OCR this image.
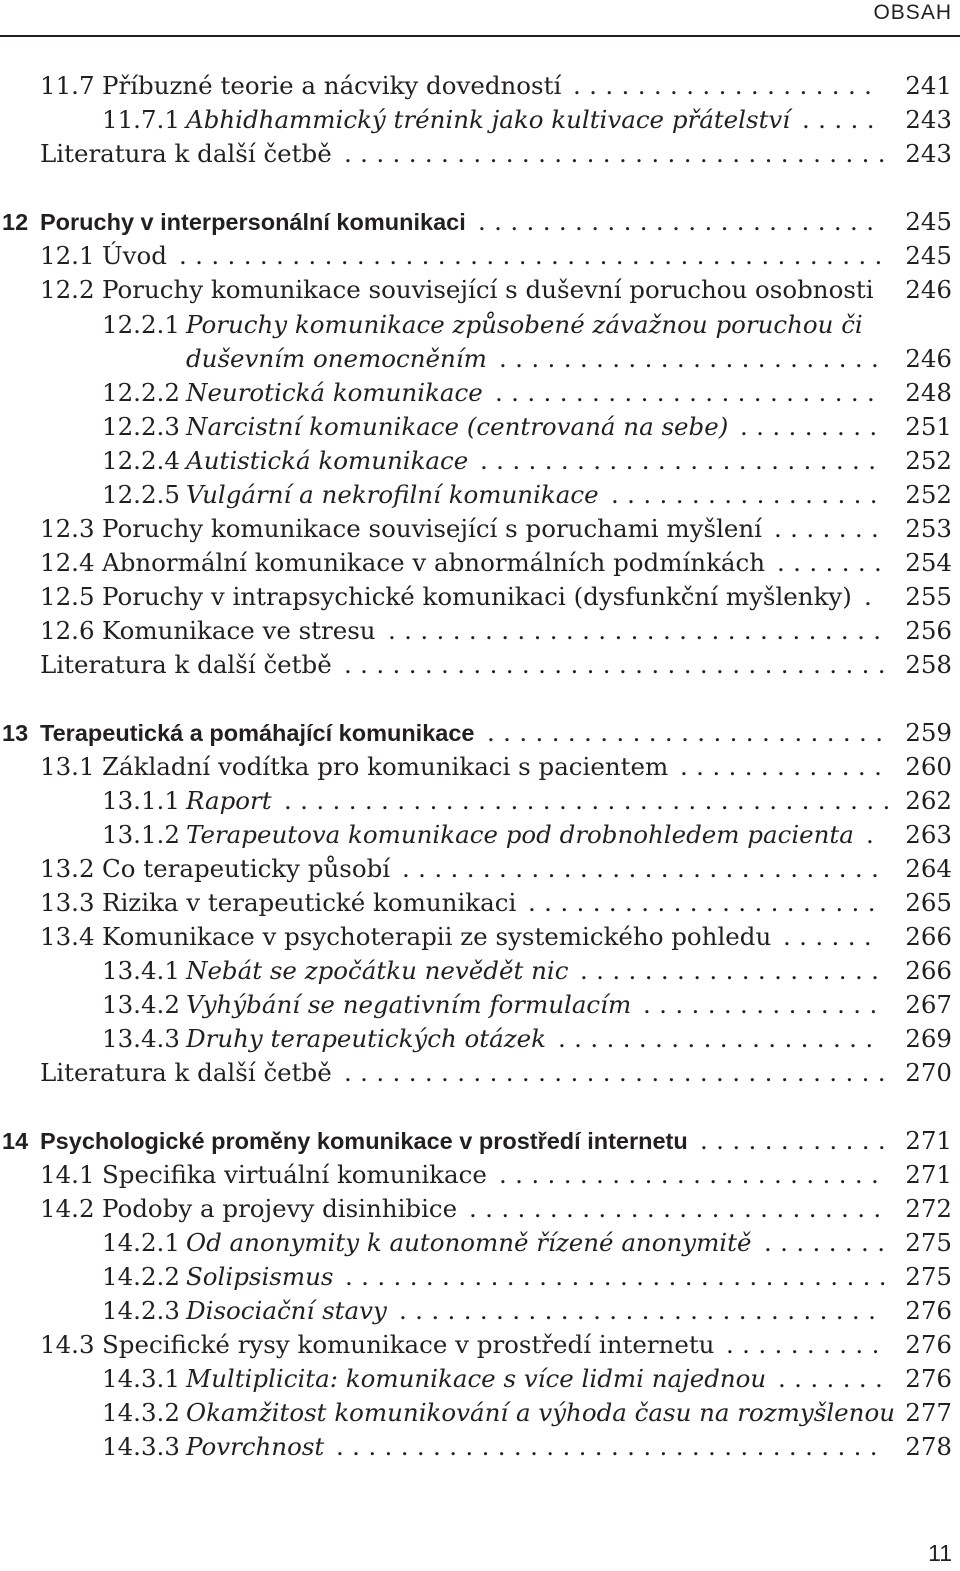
OBSAH
11.7 Příbuzné teorie a nácviky dovedností	241
. . . . . . . . . . . . . . . . . . .
11.7.1 Abhidhammický trénink jako kultivace přátelství	243
. . . . .
Literatura k další četbě	243
. . . . . . . . . . . . . . . . . . . . . . . . . . . . . . . . . .
12 Poruchy v interpersonální komunikaci	245
. . . . . . . . . . . . . . . . . . . . . . . . .
12.1 Úvod	245
. . . . . . . . . . . . . . . . . . . . . . . . . . . . . . . . . . . . . . . . . . . .
12.2 Poruchy komunikace související s duševní poruchou osobnosti 246
12.2.1 Poruchy komunikace způsobené závažnou poruchou či
duševním onemocněním	246
. . . . . . . . . . . . . . . . . . . . . . . .
12.2.2 Neurotická komunikace	248
. . . . . . . . . . . . . . . . . . . . . . . .
12.2.3 Narcistní komunikace (centrovaná na sebe)	251
. . . . . . . . .
12.2.4 Autistická komunikace	252
. . . . . . . . . . . . . . . . . . . . . . . . .
12.2.5 Vulgární a nekrofilní komunikace	252
. . . . . . . . . . . . . . . . .
12.3 Poruchy komunikace související s poruchami myšlení	253
. . . . . . .
12.4 Abnormální komunikace v abnormálních podmínkách	254
. . . . . . .
12.5 Poruchy v intrapsychické komunikaci (dysfunkční myšlenky) 255
.
12.6 Komunikace ve stresu	256
. . . . . . . . . . . . . . . . . . . . . . . . . . . . . . .
Literatura k další četbě	258
. . . . . . . . . . . . . . . . . . . . . . . . . . . . . . . . . .
13 Terapeutická a pomáhající komunikace	259
. . . . . . . . . . . . . . . . . . . . . . . . .
13.1 Základní vodítka pro komunikaci s pacientem	260
. . . . . . . . . . . . .
13.1.1 Raport	262
. . . . . . . . . . . . . . . . . . . . . . . . . . . . . . . . . . . . . .
13.1.2 Terapeutova komunikace pod drobnohledem pacienta 263
.
13.2 Co terapeuticky působí	264
. . . . . . . . . . . . . . . . . . . . . . . . . . . . . .
13.3 Rizika v terapeutické komunikaci	265
. . . . . . . . . . . . . . . . . . . . . .
13.4 Komunikace v psychoterapii ze systemického pohledu	266
. . . . . .
13.4.1 Nebát se zpočátku nevědět nic	266
. . . . . . . . . . . . . . . . . . .
13.4.2 Vyhýbání se negativním formulacím	267
. . . . . . . . . . . . . . .
13.4.3 Druhy terapeutických otázek	269
. . . . . . . . . . . . . . . . . . . .
Literatura k další četbě	270
. . . . . . . . . . . . . . . . . . . . . . . . . . . . . . . . . .
14 Psychologické proměny komunikace v prostředí internetu	271
. . . . . . . . . . . .
14.1 Specifika virtuální komunikace	271
. . . . . . . . . . . . . . . . . . . . . . . .
14.2 Podoby a projevy disinhibice	272
. . . . . . . . . . . . . . . . . . . . . . . . . .
14.2.1 Od anonymity k autonomně řízené anonymitě	275
. . . . . . . .
14.2.2 Solipsismus	275
. . . . . . . . . . . . . . . . . . . . . . . . . . . . . . . . . .
14.2.3 Disociační stavy	276
. . . . . . . . . . . . . . . . . . . . . . . . . . . . . .
14.3 Specifické rysy komunikace v prostředí internetu	276
. . . . . . . . . .
14.3.1 Multiplicita: komunikace s více lidmi najednou	276
. . . . . . .
14.3.2 Okamžitost komunikování a výhoda času na rozmyšlenou 277
14.3.3 Povrchnost	278
. . . . . . . . . . . . . . . . . . . . . . . . . . . . . . . . . .
11
